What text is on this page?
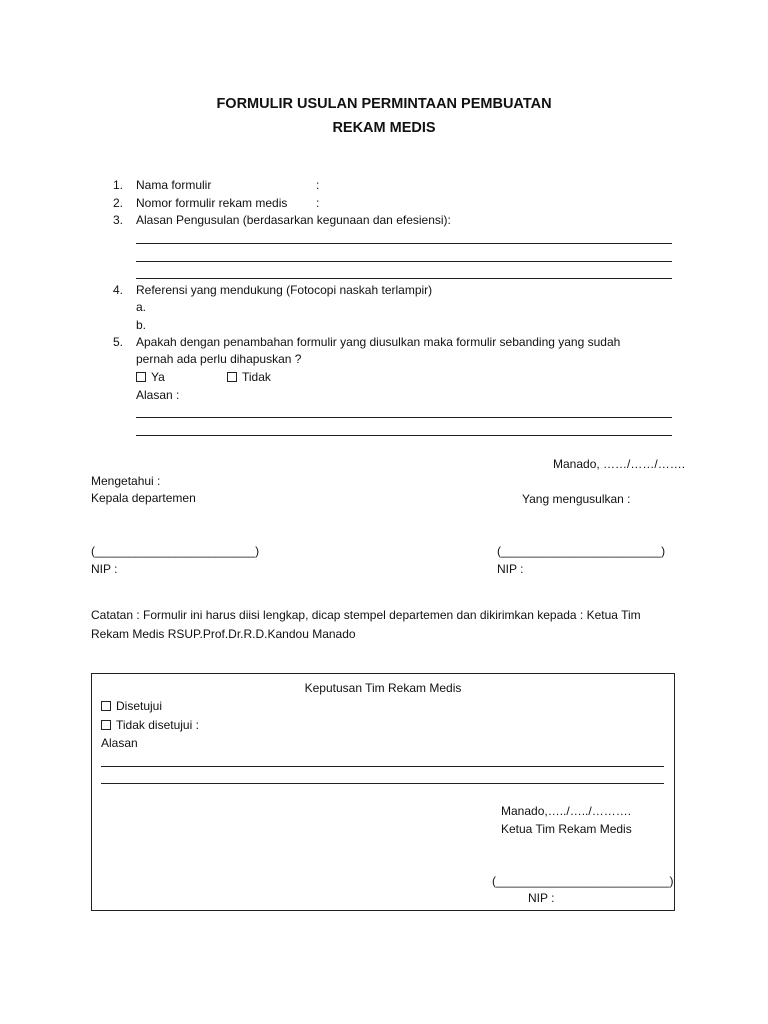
FORMULIR USULAN PERMINTAAN PEMBUATAN
REKAM MEDIS
1. Nama formulir	:
2. Nomor formulir rekam medis :
3. Alasan Pengusulan (berdasarkan kegunaan dan efesiensi):
4. Referensi yang mendukung (Fotocopi naskah terlampir)
a.
b.
5. Apakah dengan penambahan formulir yang diusulkan maka formulir sebanding yang sudah
pernah ada perlu dihapuskan ?
Ya	Tidak
Alasan :
Manado, ……/……/…….
Mengetahui :
Kepala departemen	Yang mengusulkan :
(________________________)	(________________________)
NIP :	NIP :
Catatan : Formulir ini harus diisi lengkap, dicap stempel departemen dan dikirimkan kepada : Ketua Tim
Rekam Medis RSUP.Prof.Dr.R.D.Kandou Manado
Keputusan Tim Rekam Medis
Disetujui
Tidak disetujui :
Alasan
Manado,…../…../……….
Ketua Tim Rekam Medis
(__________________________)
NIP :
